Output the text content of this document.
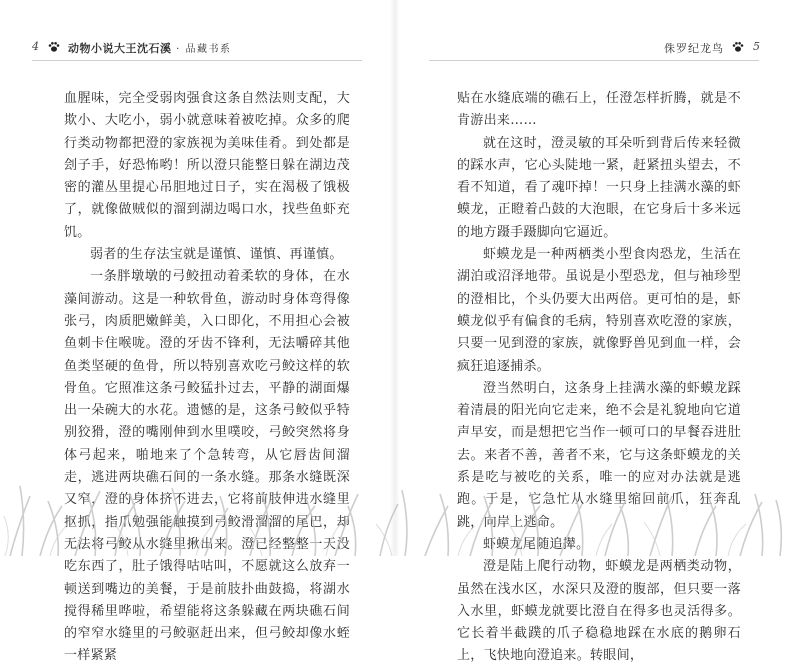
4	动物小说大王沈石溪 · 品藏书系

血腥味，完全受弱肉强食这条自然法则支配，大欺小、大吃小，弱小就意味着被吃掉。众多的爬行类动物都把澄的家族视为美味佳肴。到处都是刽子手，好恐怖哟！所以澄只能整日躲在湖边茂密的灌丛里提心吊胆地过日子，实在渴极了饿极了，就像做贼似的溜到湖边喝口水，找些鱼虾充饥。

弱者的生存法宝就是谨慎、谨慎、再谨慎。

一条胖墩墩的弓鲛扭动着柔软的身体，在水藻间游动。这是一种软骨鱼，游动时身体弯得像张弓，肉质肥嫩鲜美，入口即化，不用担心会被鱼刺卡住喉咙。澄的牙齿不锋利，无法嚼碎其他鱼类坚硬的鱼骨，所以特别喜欢吃弓鲛这样的软骨鱼。它照准这条弓鲛猛扑过去，平静的湖面爆出一朵碗大的水花。遗憾的是，这条弓鲛似乎特别狡猾，澄的嘴刚伸到水里噗咬，弓鲛突然将身体弓起来，啪地来了个急转弯，从它唇齿间溜走，逃进两块礁石间的一条水缝。那条水缝既深又窄，澄的身体挤不进去，它将前肢伸进水缝里抠抓，指爪勉强能触摸到弓鲛滑溜溜的尾巴，却无法将弓鲛从水缝里揪出来。澄已经整整一天没吃东西了，肚子饿得咕咕叫，不愿就这么放弃一顿送到嘴边的美餐，于是前肢扑曲鼓捣，将湖水搅得稀里哗啦，希望能将这条躲藏在两块礁石间的窄窄水缝里的弓鲛驱赶出来，但弓鲛却像水蛭一样紧紧

侏罗纪龙鸟	5

贴在水缝底端的礁石上，任澄怎样折腾，就是不肯游出来……

就在这时，澄灵敏的耳朵听到背后传来轻微的踩水声，它心头陡地一紧，赶紧扭头望去，不看不知道，看了魂吓掉！一只身上挂满水藻的虾蟆龙，正瞪着凸鼓的大泡眼，在它身后十多米远的地方蹑手蹑脚向它逼近。

虾蟆龙是一种两栖类小型食肉恐龙，生活在湖泊或沼泽地带。虽说是小型恐龙，但与袖珍型的澄相比，个头仍要大出两倍。更可怕的是，虾蟆龙似乎有偏食的毛病，特别喜欢吃澄的家族，只要一见到澄的家族，就像野兽见到血一样，会疯狂追逐捕杀。

澄当然明白，这条身上挂满水藻的虾蟆龙踩着清晨的阳光向它走来，绝不会是礼貌地向它道声早安，而是想把它当作一顿可口的早餐吞进肚去。来者不善，善者不来，它与这条虾蟆龙的关系是吃与被吃的关系，唯一的应对办法就是逃跑。于是，它急忙从水缝里缩回前爪，狂奔乱跳，向岸上逃命。

虾蟆龙尾随追撵。

澄是陆上爬行动物，虾蟆龙是两栖类动物，虽然在浅水区，水深只及澄的腹部，但只要一落入水里，虾蟆龙就要比澄自在得多也灵活得多。它长着半截蹼的爪子稳稳地踩在水底的鹅卵石上，飞快地向澄追来。转眼间，
